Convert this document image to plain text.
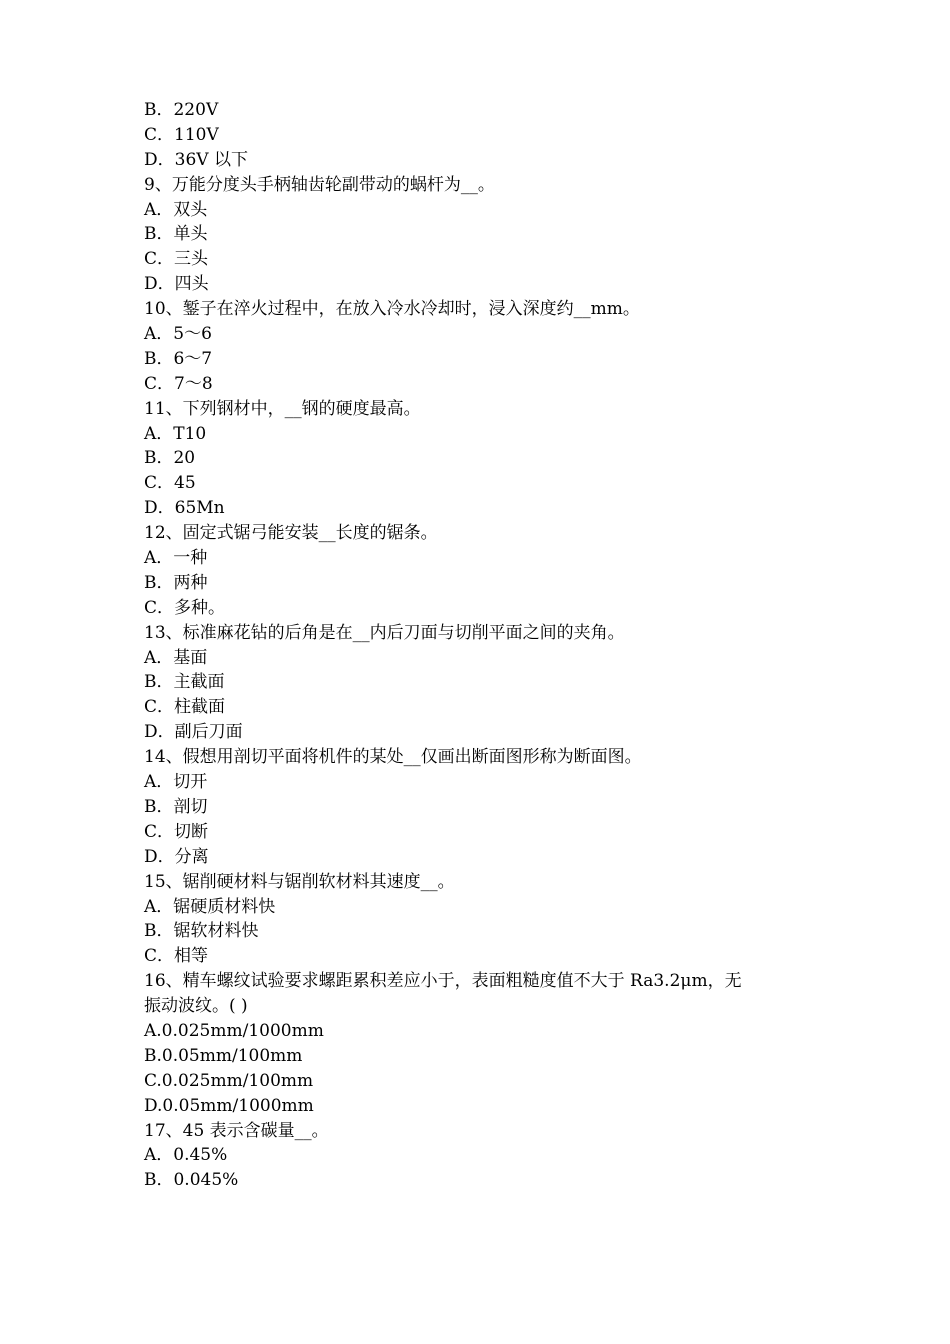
B．220V
C．110V
D．36V 以下
9、万能分度头手柄轴齿轮副带动的蜗杆为__。
A．双头
B．单头
C．三头
D．四头
10、錾子在淬火过程中，在放入冷水冷却时，浸入深度约__mm。
A．5～6
B．6～7
C．7～8
11、下列钢材中，__钢的硬度最高。
A．T10
B．20
C．45
D．65Mn
12、固定式锯弓能安装__长度的锯条。
A．一种
B．两种
C．多种。
13、标准麻花钻的后角是在__内后刀面与切削平面之间的夹角。
A．基面
B．主截面
C．柱截面
D．副后刀面
14、假想用剖切平面将机件的某处__仅画出断面图形称为断面图。
A．切开
B．剖切
C．切断
D．分离
15、锯削硬材料与锯削软材料其速度__。
A．锯硬质材料快
B．锯软材料快
C．相等
16、精车螺纹试验要求螺距累积差应小于，表面粗糙度值不大于 Ra3.2μm，无
振动波纹。( )
A.0.025mm/1000mm
B.0.05mm/100mm
C.0.025mm/100mm
D.0.05mm/1000mm
17、45 表示含碳量__。
A．0.45%
B．0.045%
